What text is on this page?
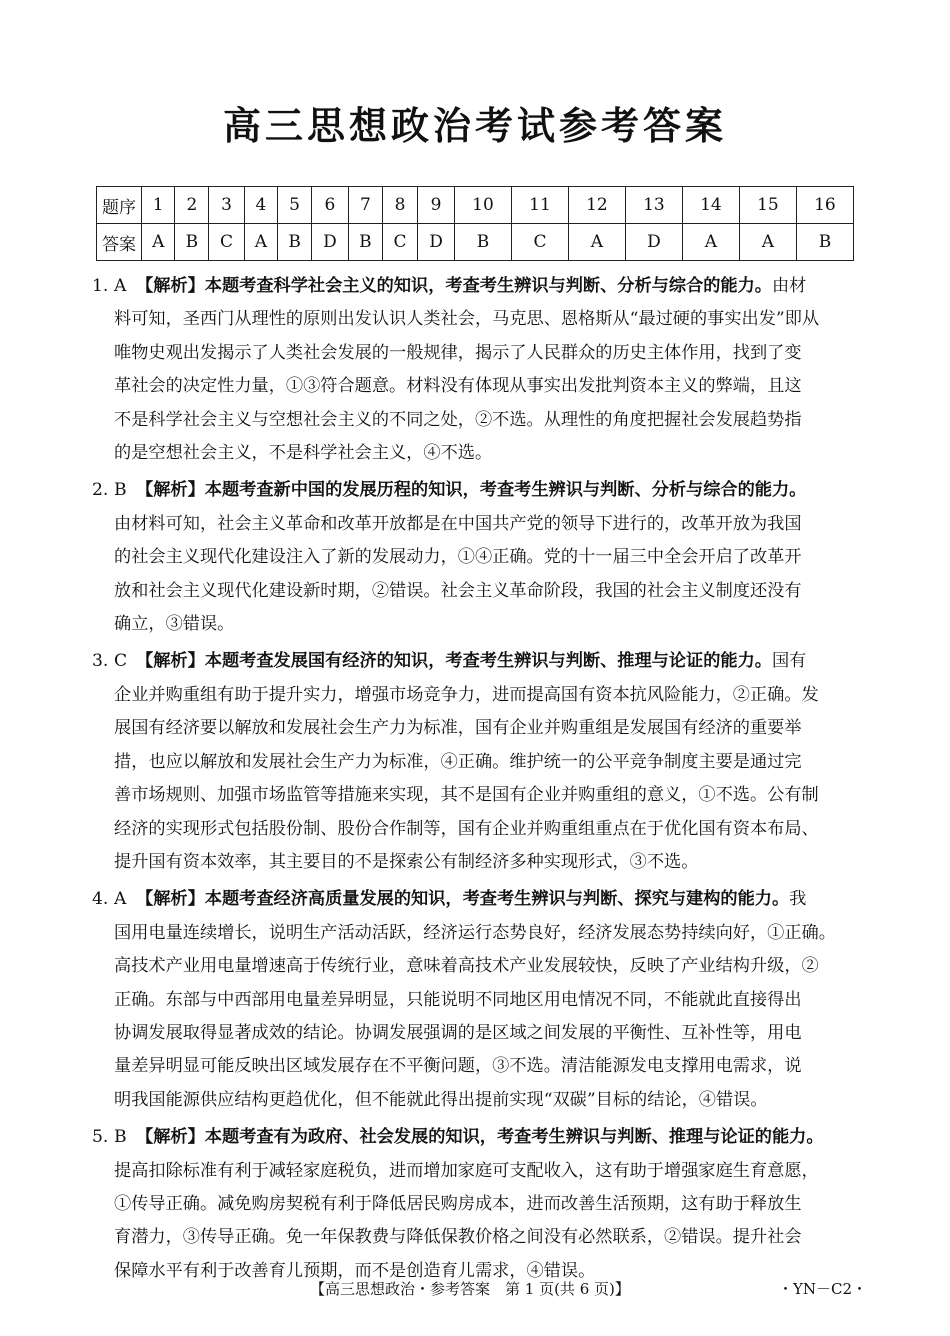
高三思想政治考试参考答案
题序	1	2	3	4	5	6	7	8	9	10	11	12	13	14	15	16
答案	A	B	C	A	B	D	B	C	D	B	C	A	D	A	A	B

1. A 【解析】本题考查科学社会主义的知识，考查考生辨识与判断、分析与综合的能力。由材

料可知，圣西门从理性的原则出发认识人类社会，马克思、恩格斯从“最过硬的事实出发”即从

唯物史观出发揭示了人类社会发展的一般规律，揭示了人民群众的历史主体作用，找到了变

革社会的决定性力量，①③符合题意。材料没有体现从事实出发批判资本主义的弊端，且这

不是科学社会主义与空想社会主义的不同之处，②不选。从理性的角度把握社会发展趋势指

的是空想社会主义，不是科学社会主义，④不选。

2. B 【解析】本题考查新中国的发展历程的知识，考查考生辨识与判断、分析与综合的能力。

由材料可知，社会主义革命和改革开放都是在中国共产党的领导下进行的，改革开放为我国

的社会主义现代化建设注入了新的发展动力，①④正确。党的十一届三中全会开启了改革开

放和社会主义现代化建设新时期，②错误。社会主义革命阶段，我国的社会主义制度还没有

确立，③错误。

3. C 【解析】本题考查发展国有经济的知识，考查考生辨识与判断、推理与论证的能力。国有

企业并购重组有助于提升实力，增强市场竞争力，进而提高国有资本抗风险能力，②正确。发

展国有经济要以解放和发展社会生产力为标准，国有企业并购重组是发展国有经济的重要举

措，也应以解放和发展社会生产力为标准，④正确。维护统一的公平竞争制度主要是通过完

善市场规则、加强市场监管等措施来实现，其不是国有企业并购重组的意义，①不选。公有制

经济的实现形式包括股份制、股份合作制等，国有企业并购重组重点在于优化国有资本布局、

提升国有资本效率，其主要目的不是探索公有制经济多种实现形式，③不选。

4. A 【解析】本题考查经济高质量发展的知识，考查考生辨识与判断、探究与建构的能力。我

国用电量连续增长，说明生产活动活跃，经济运行态势良好，经济发展态势持续向好，①正确。

高技术产业用电量增速高于传统行业，意味着高技术产业发展较快，反映了产业结构升级，②

正确。东部与中西部用电量差异明显，只能说明不同地区用电情况不同，不能就此直接得出

协调发展取得显著成效的结论。协调发展强调的是区域之间发展的平衡性、互补性等，用电

量差异明显可能反映出区域发展存在不平衡问题，③不选。清洁能源发电支撑用电需求，说

明我国能源供应结构更趋优化，但不能就此得出提前实现“双碳”目标的结论，④错误。

5. B 【解析】本题考查有为政府、社会发展的知识，考查考生辨识与判断、推理与论证的能力。

提高扣除标准有利于减轻家庭税负，进而增加家庭可支配收入，这有助于增强家庭生育意愿，

①传导正确。减免购房契税有利于降低居民购房成本，进而改善生活预期，这有助于释放生

育潜力，③传导正确。免一年保教费与降低保教价格之间没有必然联系，②错误。提升社会

保障水平有利于改善育儿预期，而不是创造育儿需求，④错误。

【高三思想政治・参考答案　第 1 页(共 6 页)】	・YN－C2・
